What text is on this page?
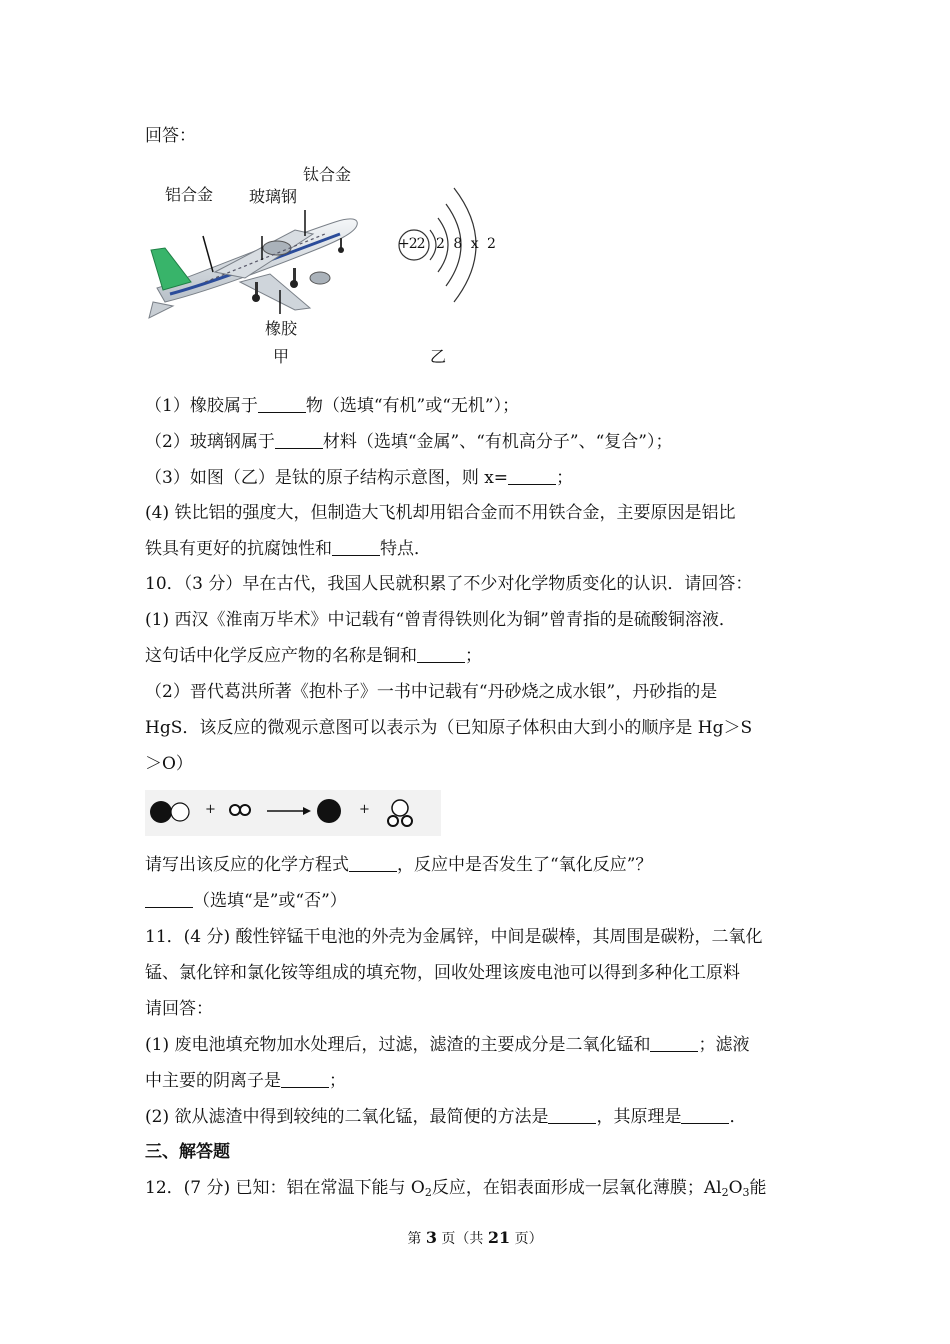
回答：
铝合金 玻璃钢
钛合金
橡胶
甲
+22 2 8 x 2
乙
（1）橡胶属于	物（选填“有机”或“无机”）；
（2）玻璃钢属于	材料（选填“金属”、“有机高分子”、“复合”）；
（3）如图（乙）是钛的原子结构示意图，则 x=	；
(4) 铁比铝的强度大，但制造大飞机却用铝合金而不用铁合金，主要原因是铝比
铁具有更好的抗腐蚀性和	特点．
10．（3 分）早在古代，我国人民就积累了不少对化学物质变化的认识．请回答：
(1) 西汉《淮南万毕术》中记载有“曾青得铁则化为铜”曾青指的是硫酸铜溶液．
这句话中化学反应产物的名称是铜和	；
（2）晋代葛洪所著《抱朴子》一书中记载有“丹砂烧之成水银”，丹砂指的是
HgS．该反应的微观示意图可以表示为（已知原子体积由大到小的顺序是 Hg＞S
＞O）
+	+
请写出该反应的化学方程式	，反应中是否发生了“氧化反应”？
（选填“是”或“否”）
11．(4 分) 酸性锌锰干电池的外壳为金属锌，中间是碳棒，其周围是碳粉，二氧化
锰、氯化锌和氯化铵等组成的填充物，回收处理该废电池可以得到多种化工原料
请回答：
(1) 废电池填充物加水处理后，过滤，滤渣的主要成分是二氧化锰和	；滤液
中主要的阴离子是	；
(2) 欲从滤渣中得到较纯的二氧化锰，最简便的方法是	，其原理是	．
三、解答题
12．(7 分) 已知：铝在常温下能与 $O_2$反应，在铝表面形成一层氧化薄膜；$Al_2O_3$能
第 3 页（共 21 页）
